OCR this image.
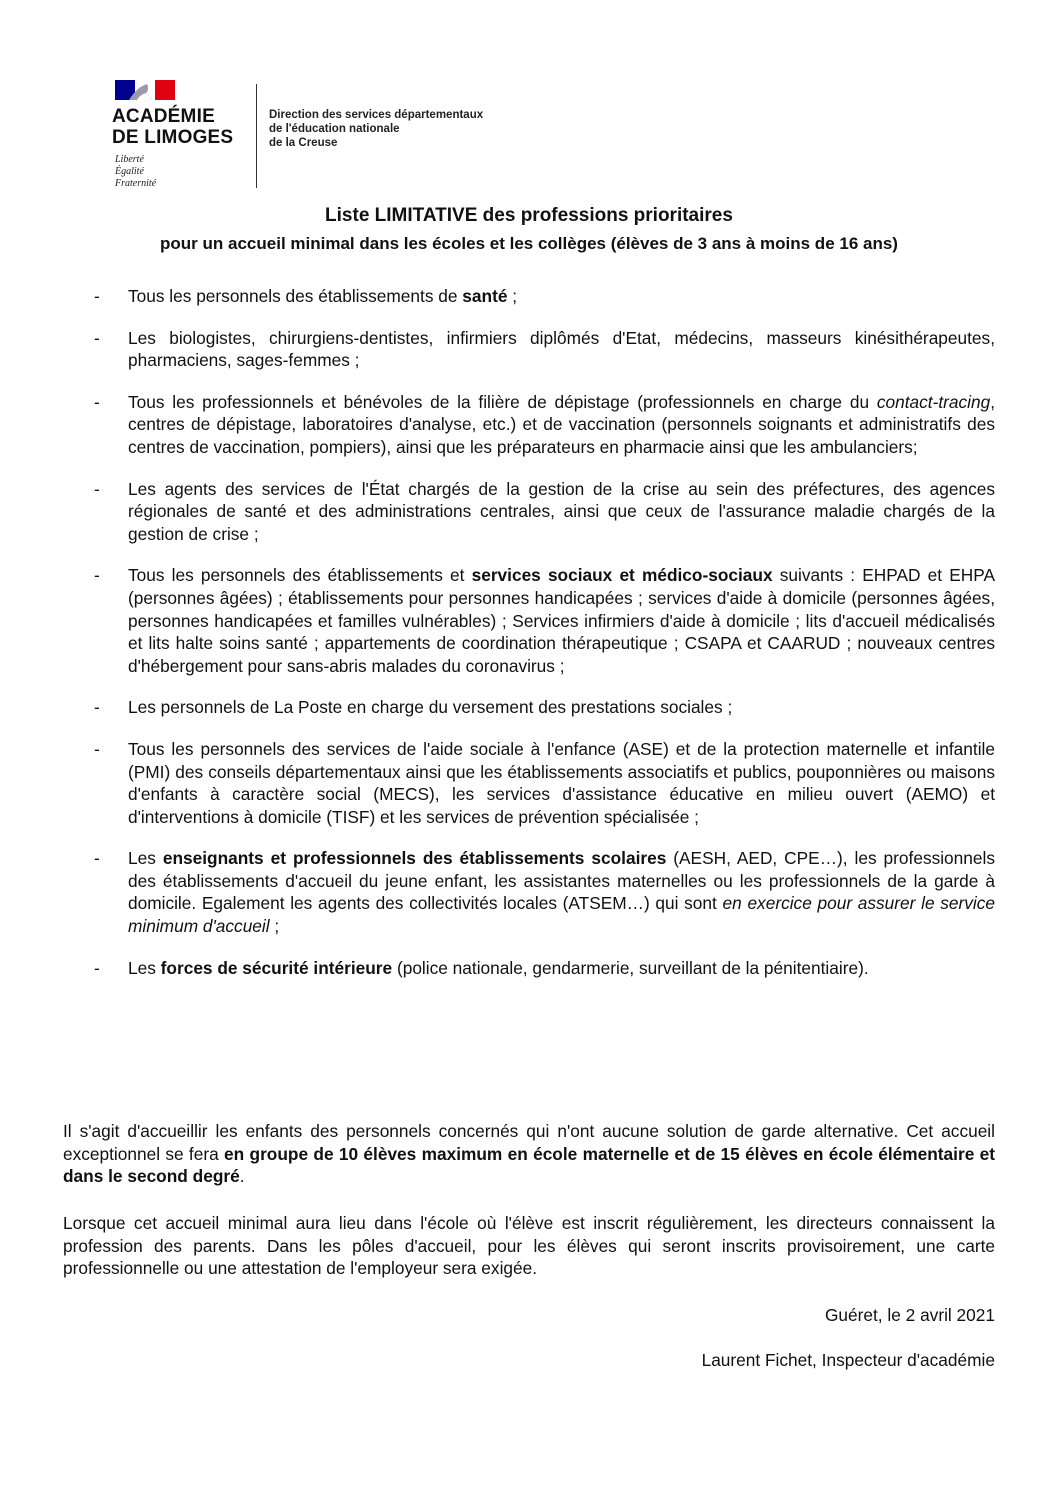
ACADÉMIE
DE LIMOGES
Liberté
Égalité
Fraternité
Direction des services départementaux
de l'éducation nationale
de la Creuse
Liste LIMITATIVE des professions prioritaires
pour un accueil minimal dans les écoles et les collèges (élèves de 3 ans à moins de 16 ans)
- Tous les personnels des établissements de santé ;
- Les biologistes, chirurgiens-dentistes, infirmiers diplômés d'Etat, médecins, masseurs kinésithérapeutes, pharmaciens, sages-femmes ;
- Tous les professionnels et bénévoles de la filière de dépistage (professionnels en charge du contact-tracing, centres de dépistage, laboratoires d'analyse, etc.) et de vaccination (personnels soignants et administratifs des centres de vaccination, pompiers), ainsi que les préparateurs en pharmacie ainsi que les ambulanciers;
- Les agents des services de l'État chargés de la gestion de la crise au sein des préfectures, des agences régionales de santé et des administrations centrales, ainsi que ceux de l'assurance maladie chargés de la gestion de crise ;
- Tous les personnels des établissements et services sociaux et médico-sociaux suivants : EHPAD et EHPA (personnes âgées) ; établissements pour personnes handicapées ; services d'aide à domicile (personnes âgées, personnes handicapées et familles vulnérables) ; Services infirmiers d'aide à domicile ; lits d'accueil médicalisés et lits halte soins santé ; appartements de coordination thérapeutique ; CSAPA et CAARUD ; nouveaux centres d'hébergement pour sans-abris malades du coronavirus ;
- Les personnels de La Poste en charge du versement des prestations sociales ;
- Tous les personnels des services de l'aide sociale à l'enfance (ASE) et de la protection maternelle et infantile (PMI) des conseils départementaux ainsi que les établissements associatifs et publics, pouponnières ou maisons d'enfants à caractère social (MECS), les services d'assistance éducative en milieu ouvert (AEMO) et d'interventions à domicile (TISF) et les services de prévention spécialisée ;
- Les enseignants et professionnels des établissements scolaires (AESH, AED, CPE…), les professionnels des établissements d'accueil du jeune enfant, les assistantes maternelles ou les professionnels de la garde à domicile. Egalement les agents des collectivités locales (ATSEM…) qui sont en exercice pour assurer le service minimum d'accueil ;
- Les forces de sécurité intérieure (police nationale, gendarmerie, surveillant de la pénitentiaire).
Il s'agit d'accueillir les enfants des personnels concernés qui n'ont aucune solution de garde alternative. Cet accueil exceptionnel se fera en groupe de 10 élèves maximum en école maternelle et de 15 élèves en école élémentaire et dans le second degré.
Lorsque cet accueil minimal aura lieu dans l'école où l'élève est inscrit régulièrement, les directeurs connaissent la profession des parents. Dans les pôles d'accueil, pour les élèves qui seront inscrits provisoirement, une carte professionnelle ou une attestation de l'employeur sera exigée.
Guéret, le 2 avril 2021
Laurent Fichet, Inspecteur d'académie
